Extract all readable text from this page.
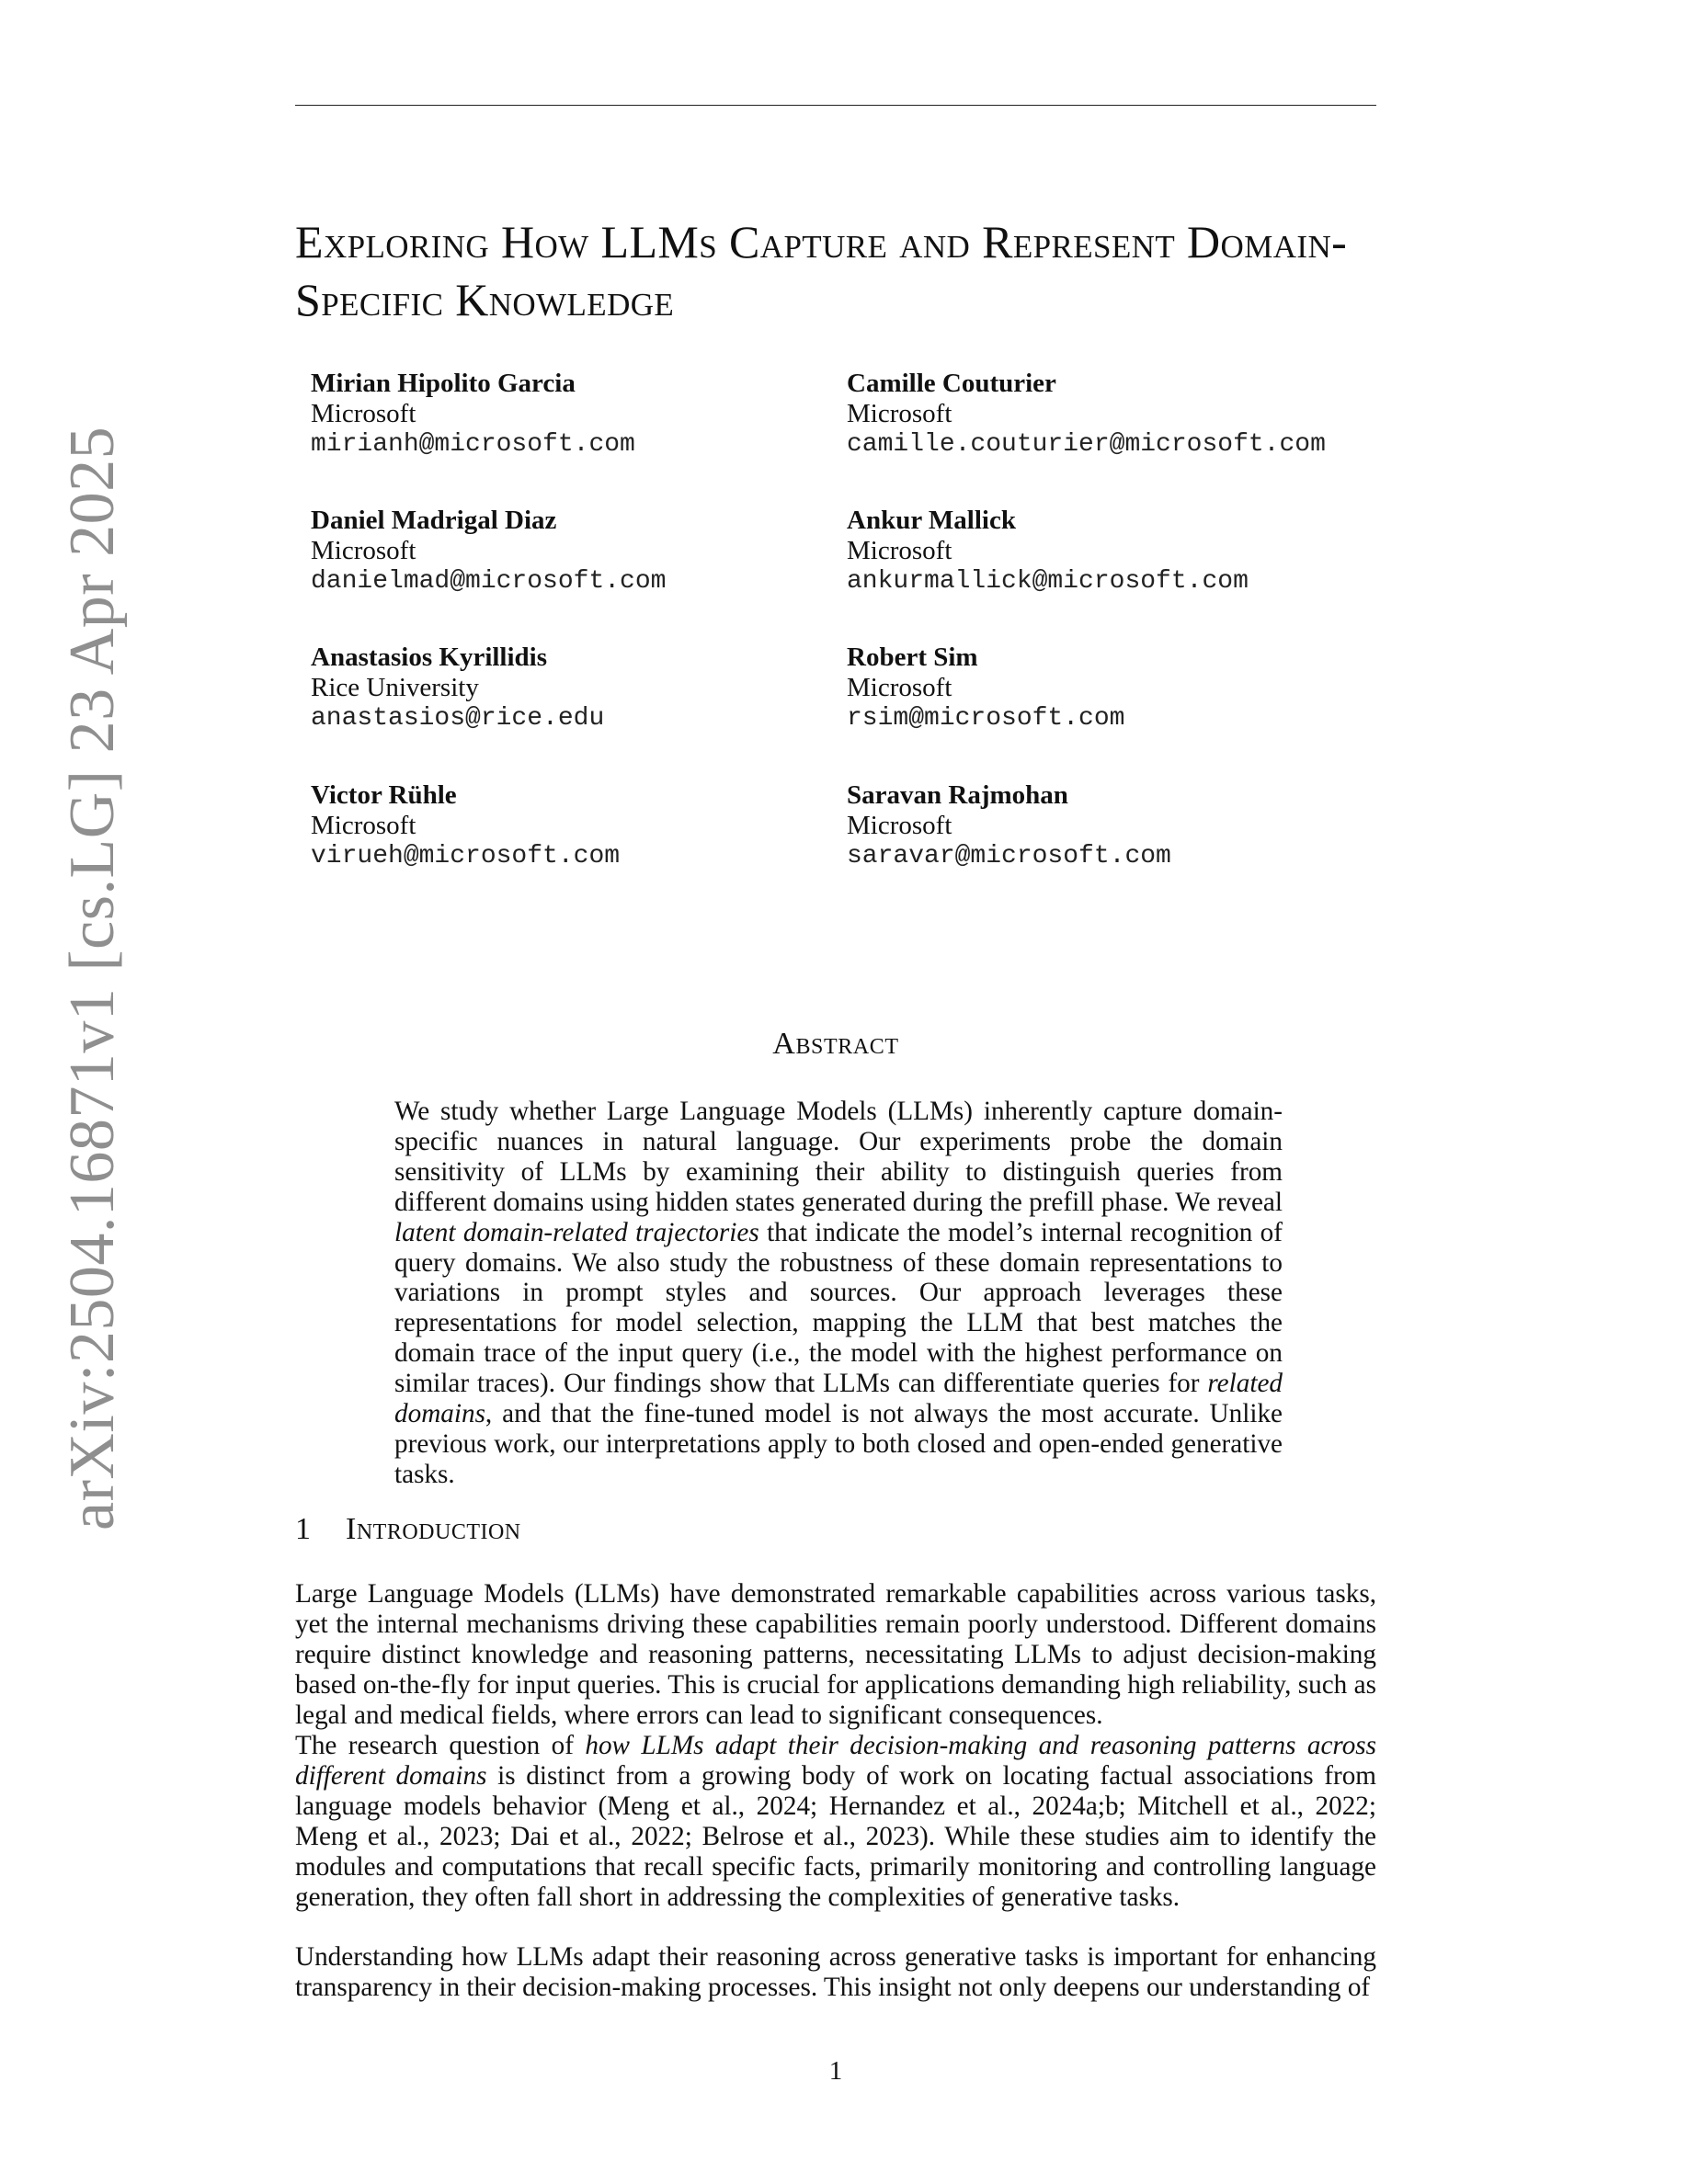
arXiv:2504.16871v1 [cs.LG] 23 Apr 2025
Exploring How LLMs Capture and Represent Domain-Specific Knowledge
Mirian Hipolito Garcia
Microsoft
mirianh@microsoft.com
Camille Couturier
Microsoft
camille.couturier@microsoft.com
Daniel Madrigal Diaz
Microsoft
danielmad@microsoft.com
Ankur Mallick
Microsoft
ankurmallick@microsoft.com
Anastasios Kyrillidis
Rice University
anastasios@rice.edu
Robert Sim
Microsoft
rsim@microsoft.com
Victor Rühle
Microsoft
virueh@microsoft.com
Saravan Rajmohan
Microsoft
saravar@microsoft.com
Abstract

We study whether Large Language Models (LLMs) inherently capture domain-specific nuances in natural language. Our experiments probe the domain sensitivity of LLMs by examining their ability to distinguish queries from different domains using hidden states generated during the prefill phase. We reveal latent domain-related trajectories that indicate the model’s internal recognition of query domains. We also study the robustness of these domain representations to variations in prompt styles and sources. Our approach leverages these representations for model selection, mapping the LLM that best matches the domain trace of the input query (i.e., the model with the highest performance on similar traces). Our findings show that LLMs can differentiate queries for related domains, and that the fine-tuned model is not always the most accurate. Unlike previous work, our interpretations apply to both closed and open-ended generative tasks.

1 Introduction

Large Language Models (LLMs) have demonstrated remarkable capabilities across various tasks, yet the internal mechanisms driving these capabilities remain poorly understood. Different domains require distinct knowledge and reasoning patterns, necessitating LLMs to adjust decision-making based on-the-fly for input queries. This is crucial for applications demanding high reliability, such as legal and medical fields, where errors can lead to significant consequences.

The research question of how LLMs adapt their decision-making and reasoning patterns across different domains is distinct from a growing body of work on locating factual associations from language models behavior (Meng et al., 2024; Hernandez et al., 2024a;b; Mitchell et al., 2022; Meng et al., 2023; Dai et al., 2022; Belrose et al., 2023). While these studies aim to identify the modules and computations that recall specific facts, primarily monitoring and controlling language generation, they often fall short in addressing the complexities of generative tasks.

Understanding how LLMs adapt their reasoning across generative tasks is important for enhancing transparency in their decision-making processes. This insight not only deepens our understanding of

1
